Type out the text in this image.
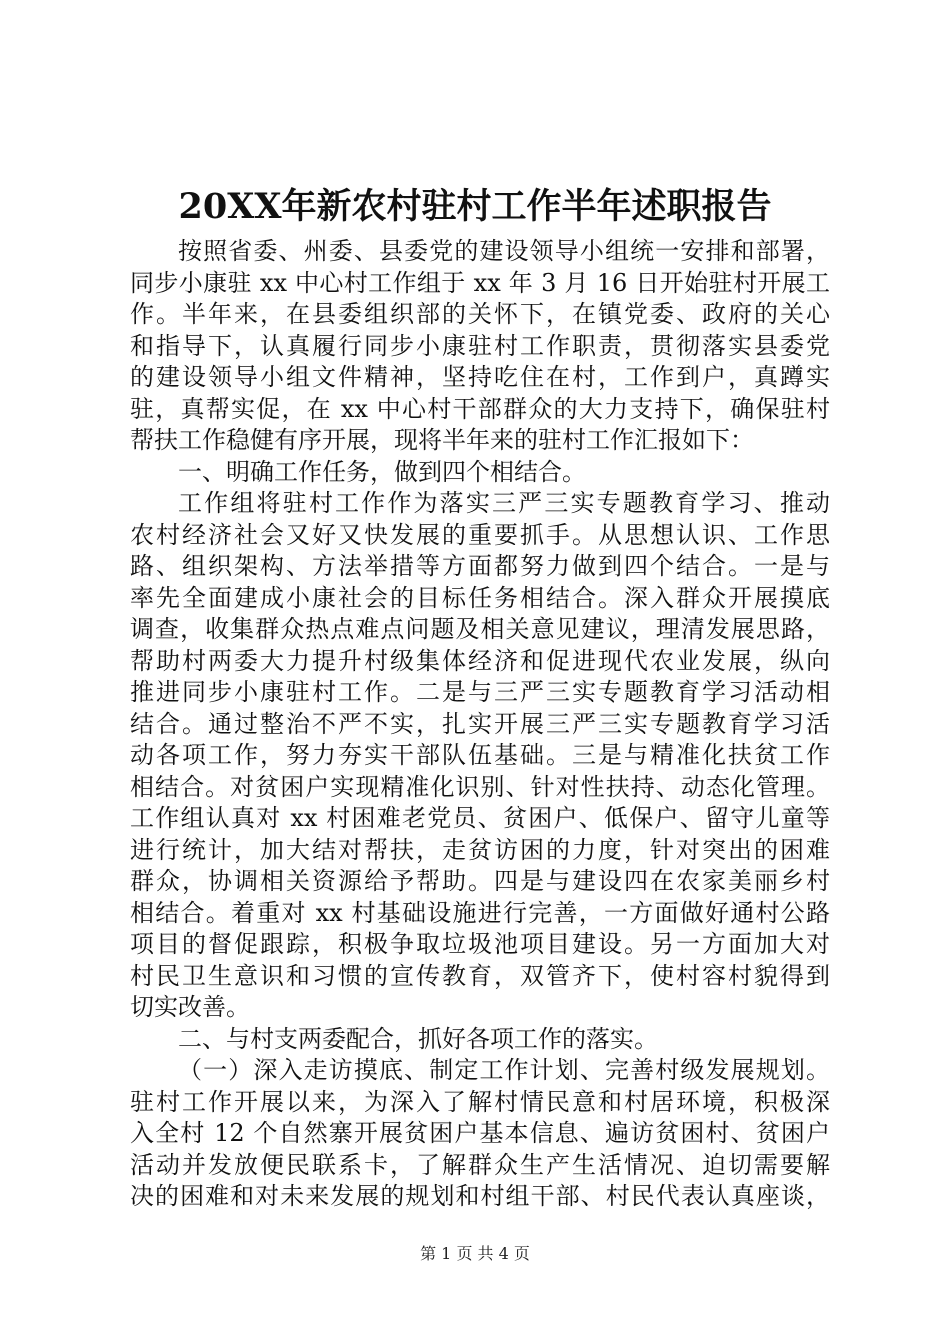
20XX年新农村驻村工作半年述职报告
按照省委、州委、县委党的建设领导小组统一安排和部署，
同步小康驻 xx 中心村工作组于 xx 年 3 月 16 日开始驻村开展工
作。半年来，在县委组织部的关怀下，在镇党委、政府的关心
和指导下，认真履行同步小康驻村工作职责，贯彻落实县委党
的建设领导小组文件精神，坚持吃住在村，工作到户，真蹲实
驻，真帮实促，在 xx 中心村干部群众的大力支持下，确保驻村
帮扶工作稳健有序开展，现将半年来的驻村工作汇报如下：
一、明确工作任务，做到四个相结合。
工作组将驻村工作作为落实三严三实专题教育学习、推动
农村经济社会又好又快发展的重要抓手。从思想认识、工作思
路、组织架构、方法举措等方面都努力做到四个结合。一是与
率先全面建成小康社会的目标任务相结合。深入群众开展摸底
调查，收集群众热点难点问题及相关意见建议，理清发展思路，
帮助村两委大力提升村级集体经济和促进现代农业发展，纵向
推进同步小康驻村工作。二是与三严三实专题教育学习活动相
结合。通过整治不严不实，扎实开展三严三实专题教育学习活
动各项工作，努力夯实干部队伍基础。三是与精准化扶贫工作
相结合。对贫困户实现精准化识别、针对性扶持、动态化管理。
工作组认真对 xx 村困难老党员、贫困户、低保户、留守儿童等
进行统计，加大结对帮扶，走贫访困的力度，针对突出的困难
群众，协调相关资源给予帮助。四是与建设四在农家美丽乡村
相结合。着重对 xx 村基础设施进行完善，一方面做好通村公路
项目的督促跟踪，积极争取垃圾池项目建设。另一方面加大对
村民卫生意识和习惯的宣传教育，双管齐下，使村容村貌得到
切实改善。
二、与村支两委配合，抓好各项工作的落实。
（一）深入走访摸底、制定工作计划、完善村级发展规划。
驻村工作开展以来，为深入了解村情民意和村居环境，积极深
入全村 12 个自然寨开展贫困户基本信息、遍访贫困村、贫困户
活动并发放便民联系卡，了解群众生产生活情况、迫切需要解
决的困难和对未来发展的规划和村组干部、村民代表认真座谈，
第 1 页 共 4 页
